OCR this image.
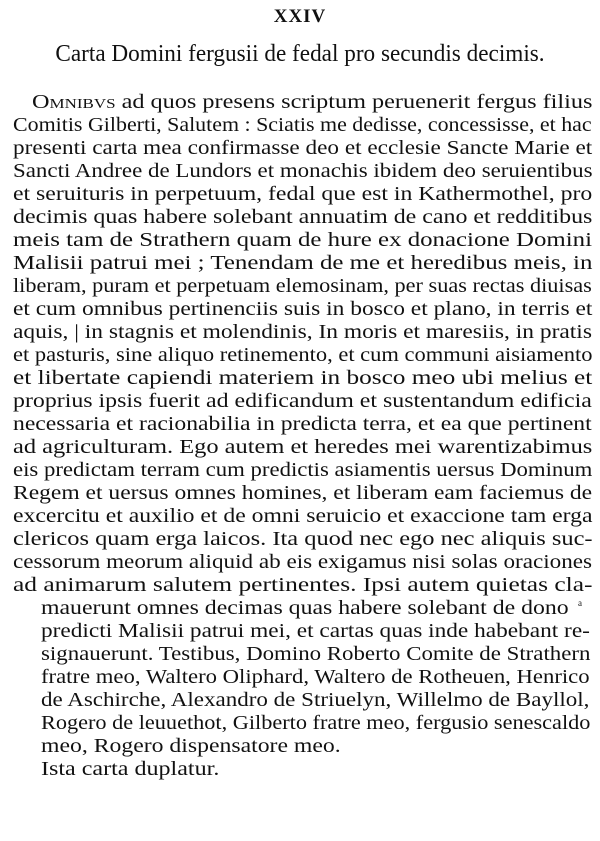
XXIV
Carta Domini fergusii de fedal pro secundis decimis.
Omnibvs ad quos presens scriptum peruenerit fergus filius
Comitis Gilberti, Salutem : Sciatis me dedisse, concessisse, et hac
presenti carta mea confirmasse deo et ecclesie Sancte Marie et
Sancti Andree de Lundors et monachis ibidem deo seruientibus
et seruituris in perpetuum, fedal que est in Kathermothel, pro
decimis quas habere solebant annuatim de cano et redditibus
meis tam de Strathern quam de hure ex donacione Domini
Malisii patrui mei ; Tenendam de me et heredibus meis, in
liberam, puram et perpetuam elemosinam, per suas rectas diuisas
et cum omnibus pertinenciis suis in bosco et plano, in terris et
aquis, | in stagnis et molendinis, In moris et maresiis, in pratis
et pasturis, sine aliquo retinemento, et cum communi aisiamento
et libertate capiendi materiem in bosco meo ubi melius et
proprius ipsis fuerit ad edificandum et sustentandum edificia
necessaria et racionabilia in predicta terra, et ea que pertinent
ad agriculturam. Ego autem et heredes mei warentizabimus
eis predictam terram cum predictis asiamentis uersus Dominum
Regem et uersus omnes homines, et liberam eam faciemus de
excercitu et auxilio et de omni seruicio et exaccione tam erga
clericos quam erga laicos. Ita quod nec ego nec aliquis suc-
cessorum meorum aliquid ab eis exigamus nisi solas oraciones
ad animarum salutem pertinentes. Ipsi autem quietas cla-
mauerunt omnes decimas quas habere solebant de dono
predicti Malisii patrui mei, et cartas quas inde habebant re-
signauerunt. Testibus, Domino Roberto Comite de Strathern
fratre meo, Waltero Oliphard, Waltero de Rotheuen, Henrico
de Aschirche, Alexandro de Striuelyn, Willelmo de Bayllol,
Rogero de leuuethot, Gilberto fratre meo, fergusio senescaldo
meo, Rogero dispensatore meo.
Ista carta duplatur.
a
